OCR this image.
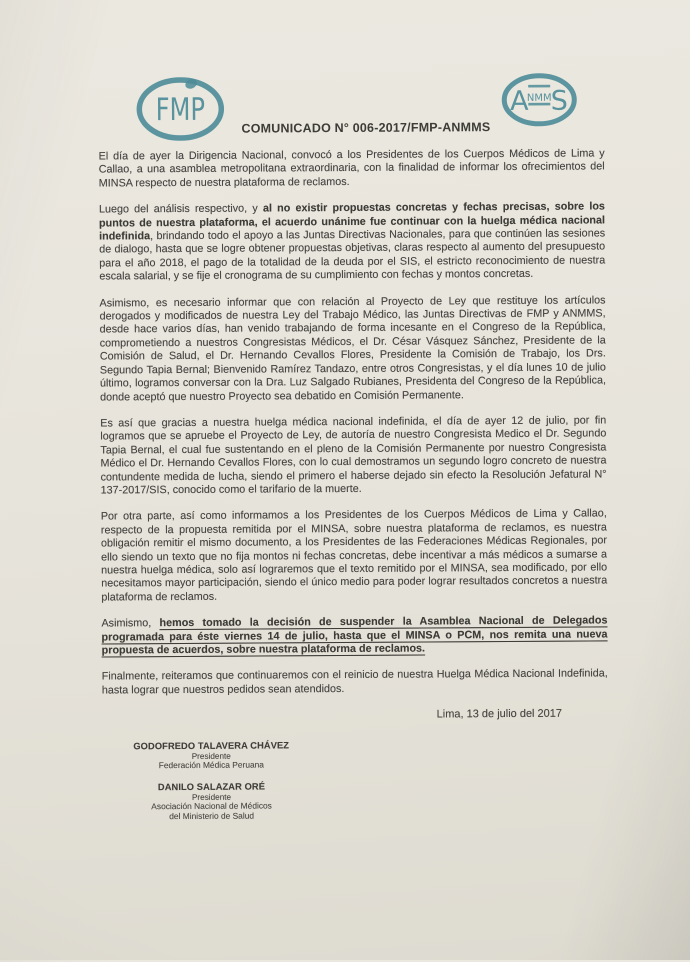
FMP	A
NMM
S
COMUNICADO N° 006-2017/FMP-ANMMS

El día de ayer la Dirigencia Nacional, convocó a los Presidentes de los Cuerpos Médicos de Lima y Callao, a una asamblea metropolitana extraordinaria, con la finalidad de informar los ofrecimientos del MINSA respecto de nuestra plataforma de reclamos.

Luego del análisis respectivo, y al no existir propuestas concretas y fechas precisas, sobre los puntos de nuestra plataforma, el acuerdo unánime fue continuar con la huelga médica nacional indefinida, brindando todo el apoyo a las Juntas Directivas Nacionales, para que continúen las sesiones de dialogo, hasta que se logre obtener propuestas objetivas, claras respecto al aumento del presupuesto para el año 2018, el pago de la totalidad de la deuda por el SIS, el estricto reconocimiento de nuestra escala salarial, y se fije el cronograma de su cumplimiento con fechas y montos concretas.

Asimismo, es necesario informar que con relación al Proyecto de Ley que restituye los artículos derogados y modificados de nuestra Ley del Trabajo Médico, las Juntas Directivas de FMP y ANMMS, desde hace varios días, han venido trabajando de forma incesante en el Congreso de la República, comprometiendo a nuestros Congresistas Médicos, el Dr. César Vásquez Sánchez, Presidente de la Comisión de Salud, el Dr. Hernando Cevallos Flores, Presidente la Comisión de Trabajo, los Drs. Segundo Tapia Bernal; Bienvenido Ramírez Tandazo, entre otros Congresistas, y el día lunes 10 de julio último, logramos conversar con la Dra. Luz Salgado Rubianes, Presidenta del Congreso de la República, donde aceptó que nuestro Proyecto sea debatido en Comisión Permanente.

Es así que gracias a nuestra huelga médica nacional indefinida, el día de ayer 12 de julio, por fin logramos que se apruebe el Proyecto de Ley, de autoría de nuestro Congresista Medico el Dr. Segundo Tapia Bernal, el cual fue sustentando en el pleno de la Comisión Permanente por nuestro Congresista Médico el Dr. Hernando Cevallos Flores, con lo cual demostramos un segundo logro concreto de nuestra contundente medida de lucha, siendo el primero el haberse dejado sin efecto la Resolución Jefatural N° 137-2017/SIS, conocido como el tarifario de la muerte.

Por otra parte, así como informamos a los Presidentes de los Cuerpos Médicos de Lima y Callao, respecto de la propuesta remitida por el MINSA, sobre nuestra plataforma de reclamos, es nuestra obligación remitir el mismo documento, a los Presidentes de las Federaciones Médicas Regionales, por ello siendo un texto que no fija montos ni fechas concretas, debe incentivar a más médicos a sumarse a nuestra huelga médica, solo así lograremos que el texto remitido por el MINSA, sea modificado, por ello necesitamos mayor participación, siendo el único medio para poder lograr resultados concretos a nuestra plataforma de reclamos.

Asimismo, hemos tomado la decisión de suspender la Asamblea Nacional de Delegados programada para éste viernes 14 de julio, hasta que el MINSA o PCM, nos remita una nueva propuesta de acuerdos, sobre nuestra plataforma de reclamos.

Finalmente, reiteramos que continuaremos con el reinicio de nuestra Huelga Médica Nacional Indefinida, hasta lograr que nuestros pedidos sean atendidos.

Lima, 13 de julio del 2017
GODOFREDO TALAVERA CHÁVEZ
Presidente
Federación Médica Peruana
DANILO SALAZAR ORÉ
Presidente
Asociación Nacional de Médicos
del Ministerio de Salud
